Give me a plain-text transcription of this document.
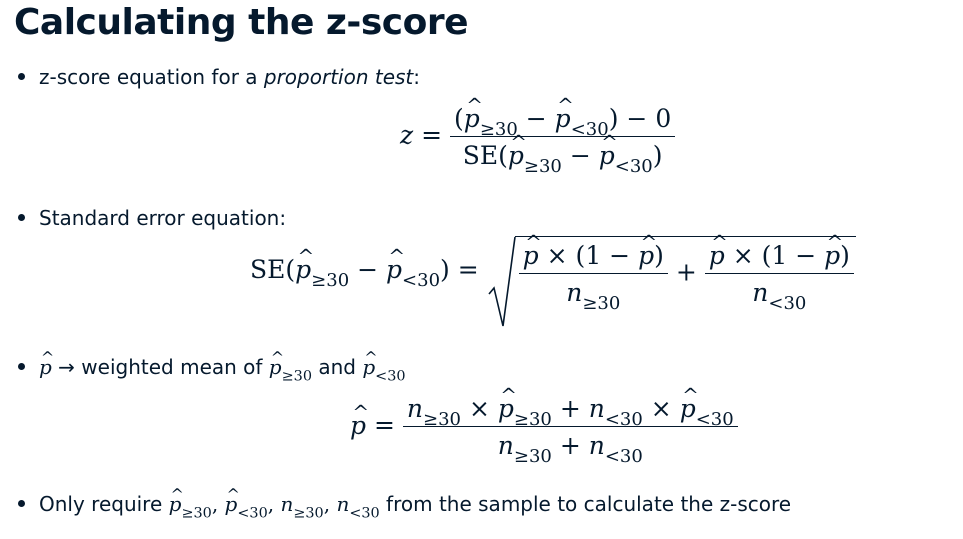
Calculating the z-score
z-score equation for a proportion test:
$z = \frac{(\^{} p_{\ge 30} - \^{} p_{<30}) - 0}{SE(\^{} p_{\ge 30} - \^{} p_{<30})}$
Standard error equation:
SE(^ $p_{\ge 30}$ − ^ $p_{<30}$) = ^ $\frac{p \times (1 - \^{} p)}{n_{\ge 30}}$ + ^ $\frac{p \times (1 - \^{} p)}{n_{<30}}$
^ p → weighted mean of ^ $p_{\ge 30}$ and ^ $p_{<30}$
^ $p = \frac{n_{\ge 30} \times \^{} p_{\ge 30} + n_{<30} \times \^{} p_{<30}}{n_{\ge 30} + n_{<30}}$
Only require ^ $p_{\ge 30}$, ^ $p_{<30}$, $n_{\ge 30}$, $n_{<30}$ from the sample to calculate the z-score
